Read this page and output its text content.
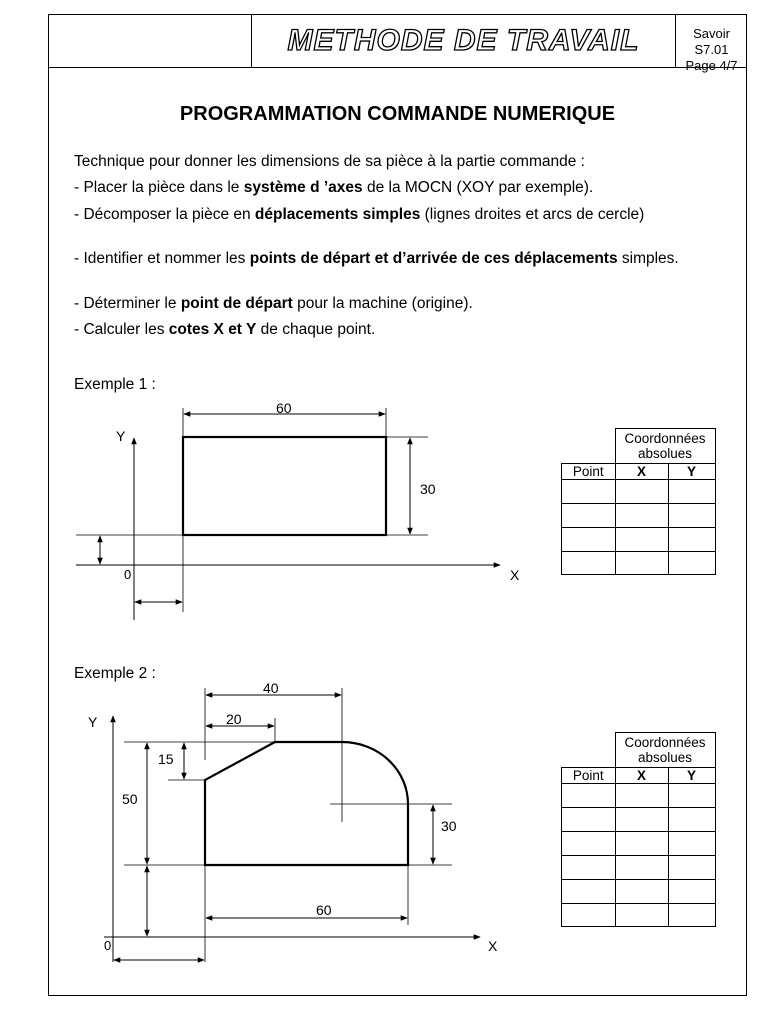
METHODE DE TRAVAIL	Savoir S7.01
Page 4/7
PROGRAMMATION COMMANDE NUMERIQUE
Technique pour donner les dimensions de sa pièce à la partie commande :
- Placer la pièce dans le système d ’axes de la MOCN (XOY par exemple).
- Décomposer la pièce en déplacements simples (lignes droites et arcs de cercle)
- Identifier et nommer les points de départ et d’arrivée de ces déplacements simples.
- Déterminer le point de départ pour la machine (origine).
- Calculer les cotes X et Y de chaque point.
Exemple 1 :
Y
X
0
60
30
Y
X
0
40
20
15
50
30
60

	Coordonnées
absolues	

Point	X	Y

Exemple 2 :

	Coordonnées
absolues	

Point	X	Y
